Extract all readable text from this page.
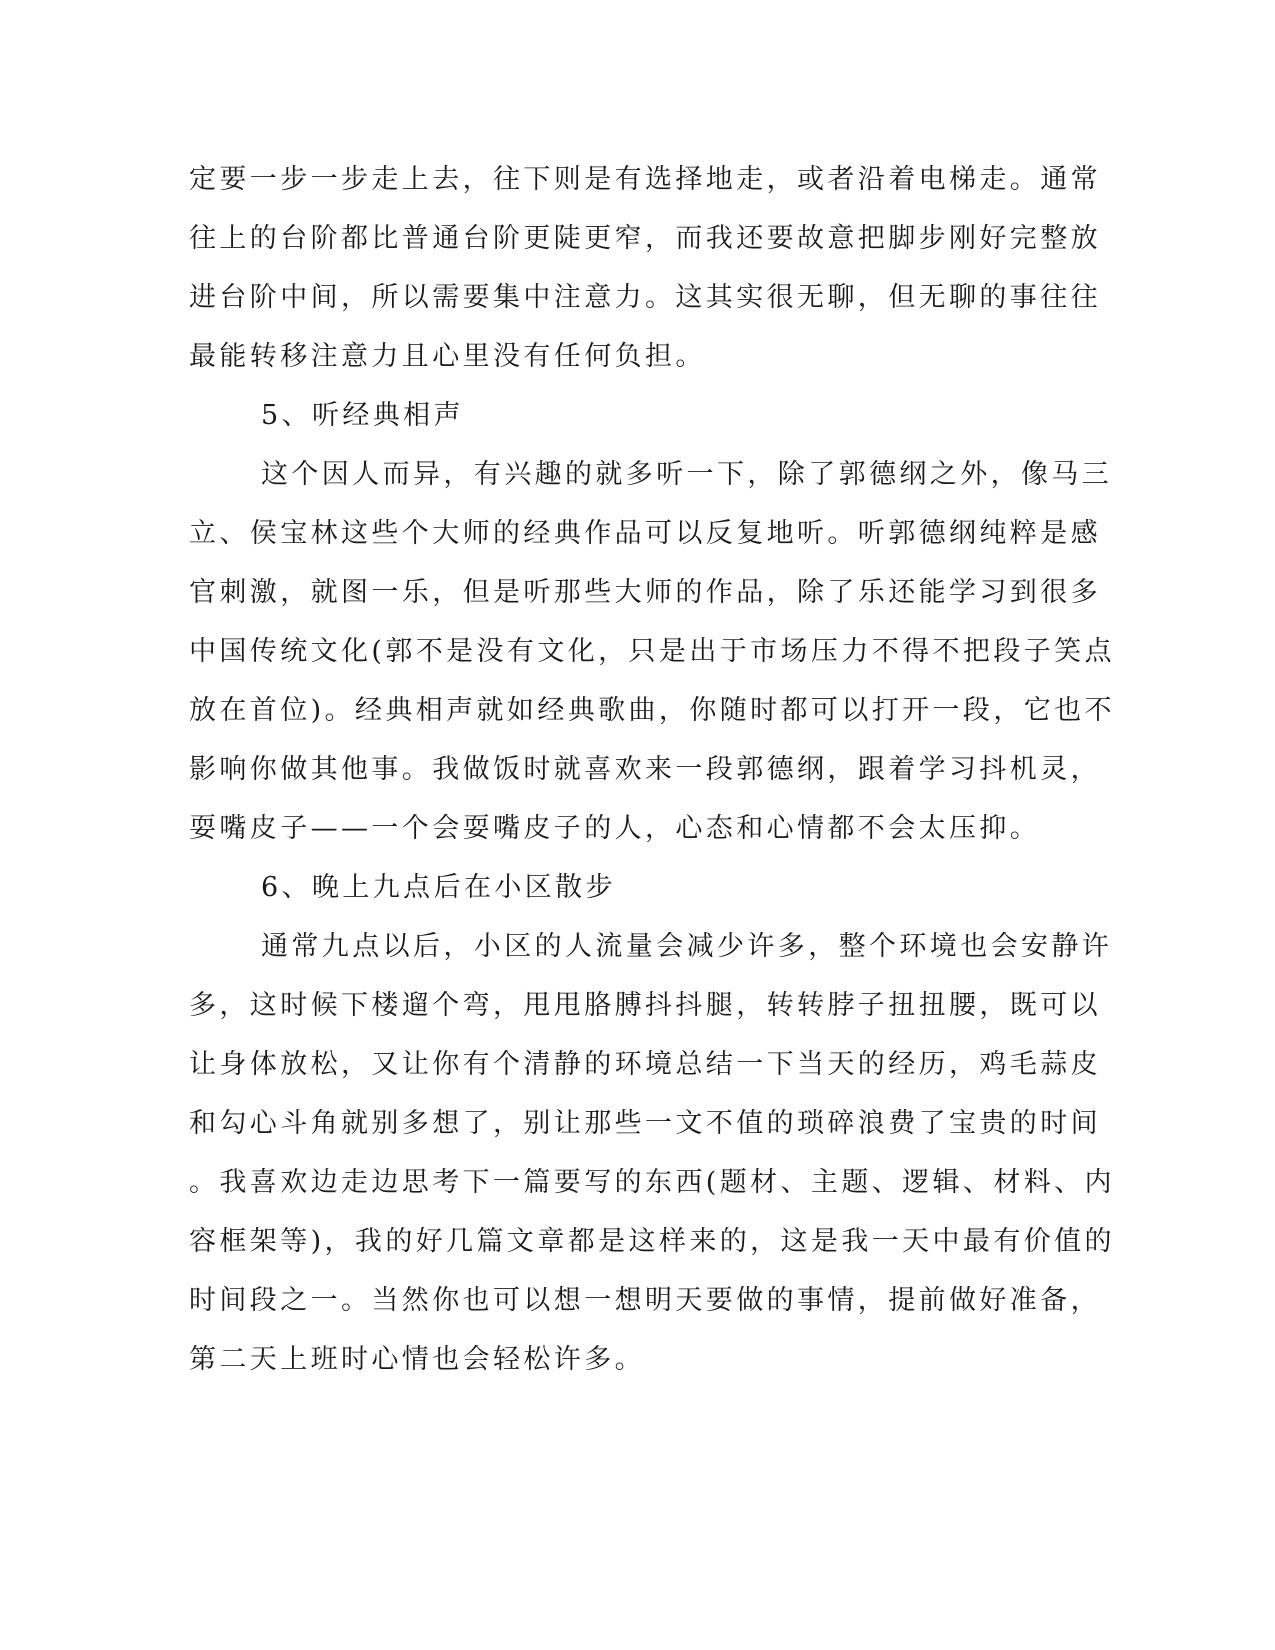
定要一步一步走上去，往下则是有选择地走，或者沿着电梯走。通常
往上的台阶都比普通台阶更陡更窄，而我还要故意把脚步刚好完整放
进台阶中间，所以需要集中注意力。这其实很无聊，但无聊的事往往
最能转移注意力且心里没有任何负担。
5、听经典相声
这个因人而异，有兴趣的就多听一下，除了郭德纲之外，像马三
立、侯宝林这些个大师的经典作品可以反复地听。听郭德纲纯粹是感
官刺激，就图一乐，但是听那些大师的作品，除了乐还能学习到很多
中国传统文化(郭不是没有文化，只是出于市场压力不得不把段子笑点
放在首位)。经典相声就如经典歌曲，你随时都可以打开一段，它也不
影响你做其他事。我做饭时就喜欢来一段郭德纲，跟着学习抖机灵，
耍嘴皮子——一个会耍嘴皮子的人，心态和心情都不会太压抑。
6、晚上九点后在小区散步
通常九点以后，小区的人流量会减少许多，整个环境也会安静许
多，这时候下楼遛个弯，甩甩胳膊抖抖腿，转转脖子扭扭腰，既可以
让身体放松，又让你有个清静的环境总结一下当天的经历，鸡毛蒜皮
和勾心斗角就别多想了，别让那些一文不值的琐碎浪费了宝贵的时间
。我喜欢边走边思考下一篇要写的东西(题材、主题、逻辑、材料、内
容框架等)，我的好几篇文章都是这样来的，这是我一天中最有价值的
时间段之一。当然你也可以想一想明天要做的事情，提前做好准备，
第二天上班时心情也会轻松许多。
